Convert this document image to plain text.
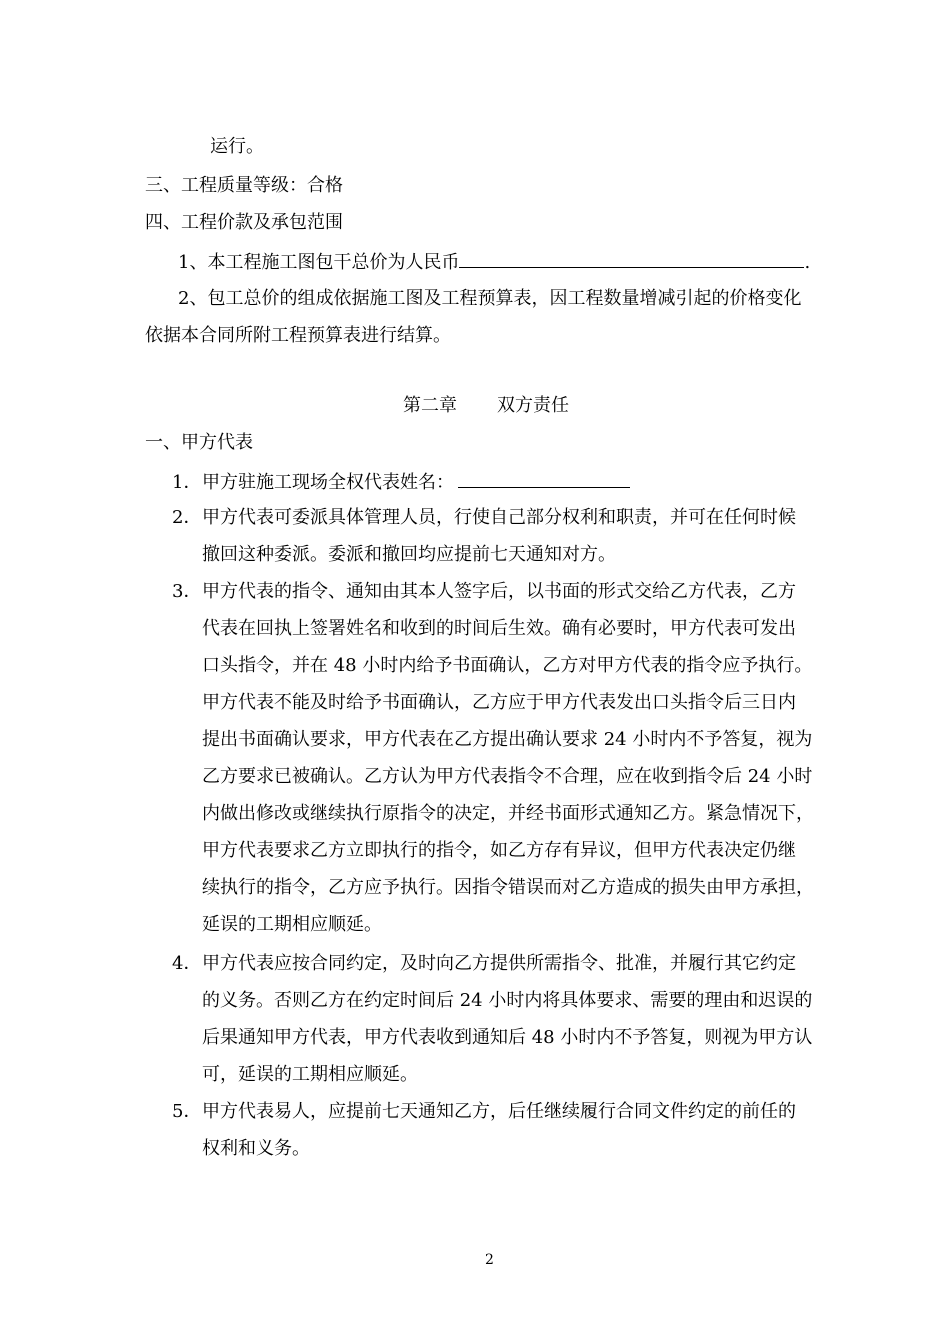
运行。
三、工程质量等级：合格
四、工程价款及承包范围
1、本工程施工图包干总价为人民币	.
2、包工总价的组成依据施工图及工程预算表，因工程数量增减引起的价格变化
依据本合同所附工程预算表进行结算。
第二章 双方责任
一、甲方代表
1．甲方驻施工现场全权代表姓名：
2．甲方代表可委派具体管理人员，行使自己部分权利和职责，并可在任何时候
撤回这种委派。委派和撤回均应提前七天通知对方。
3．甲方代表的指令、通知由其本人签字后，以书面的形式交给乙方代表，乙方
代表在回执上签署姓名和收到的时间后生效。确有必要时，甲方代表可发出
口头指令，并在 48 小时内给予书面确认，乙方对甲方代表的指令应予执行。
甲方代表不能及时给予书面确认，乙方应于甲方代表发出口头指令后三日内
提出书面确认要求，甲方代表在乙方提出确认要求 24 小时内不予答复，视为
乙方要求已被确认。乙方认为甲方代表指令不合理，应在收到指令后 24 小时
内做出修改或继续执行原指令的决定，并经书面形式通知乙方。紧急情况下，
甲方代表要求乙方立即执行的指令，如乙方存有异议，但甲方代表决定仍继
续执行的指令，乙方应予执行。因指令错误而对乙方造成的损失由甲方承担，
延误的工期相应顺延。
4．甲方代表应按合同约定，及时向乙方提供所需指令、批准，并履行其它约定
的义务。否则乙方在约定时间后 24 小时内将具体要求、需要的理由和迟误的
后果通知甲方代表，甲方代表收到通知后 48 小时内不予答复，则视为甲方认
可，延误的工期相应顺延。
5．甲方代表易人，应提前七天通知乙方，后任继续履行合同文件约定的前任的
权利和义务。
2
